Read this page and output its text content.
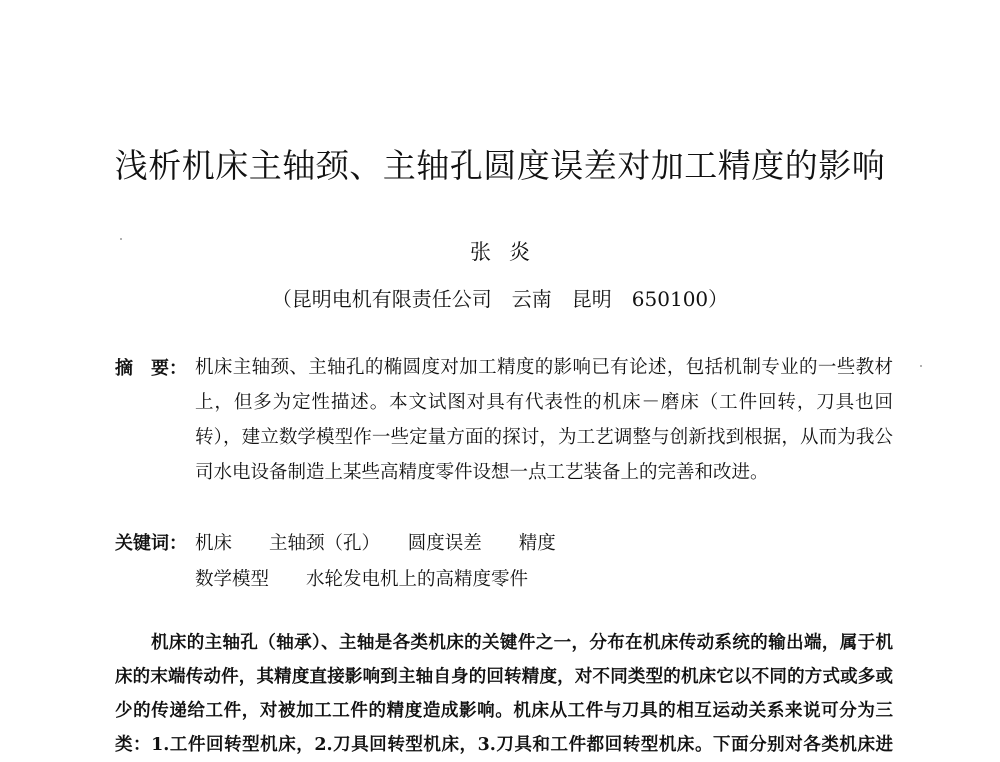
浅析机床主轴颈、主轴孔圆度误差对加工精度的影响
张炎
（昆明电机有限责任公司　云南　昆明　650100）
摘　要： 机床主轴颈、主轴孔的椭圆度对加工精度的影响已有论述，包括机制专业的一些教材上，但多为定性描述。本文试图对具有代表性的机床－磨床（工件回转，刀具也回转），建立数学模型作一些定量方面的探讨，为工艺调整与创新找到根据，从而为我公司水电设备制造上某些高精度零件设想一点工艺装备上的完善和改进。

关键词： 机床　　主轴颈（孔）　　圆度误差　　精度
数学模型　　水轮发电机上的高精度零件

机床的主轴孔（轴承）、主轴是各类机床的关键件之一，分布在机床传动系统的输出端，属于机床的末端传动件，其精度直接影响到主轴自身的回转精度，对不同类型的机床它以不同的方式或多或少的传递给工件，对被加工工件的精度造成影响。机床从工件与刀具的相互运动关系来说可分为三类：1.工件回转型机床，2.刀具回转型机床，3.刀具和工件都回转型机床。下面分别对各类机床进
